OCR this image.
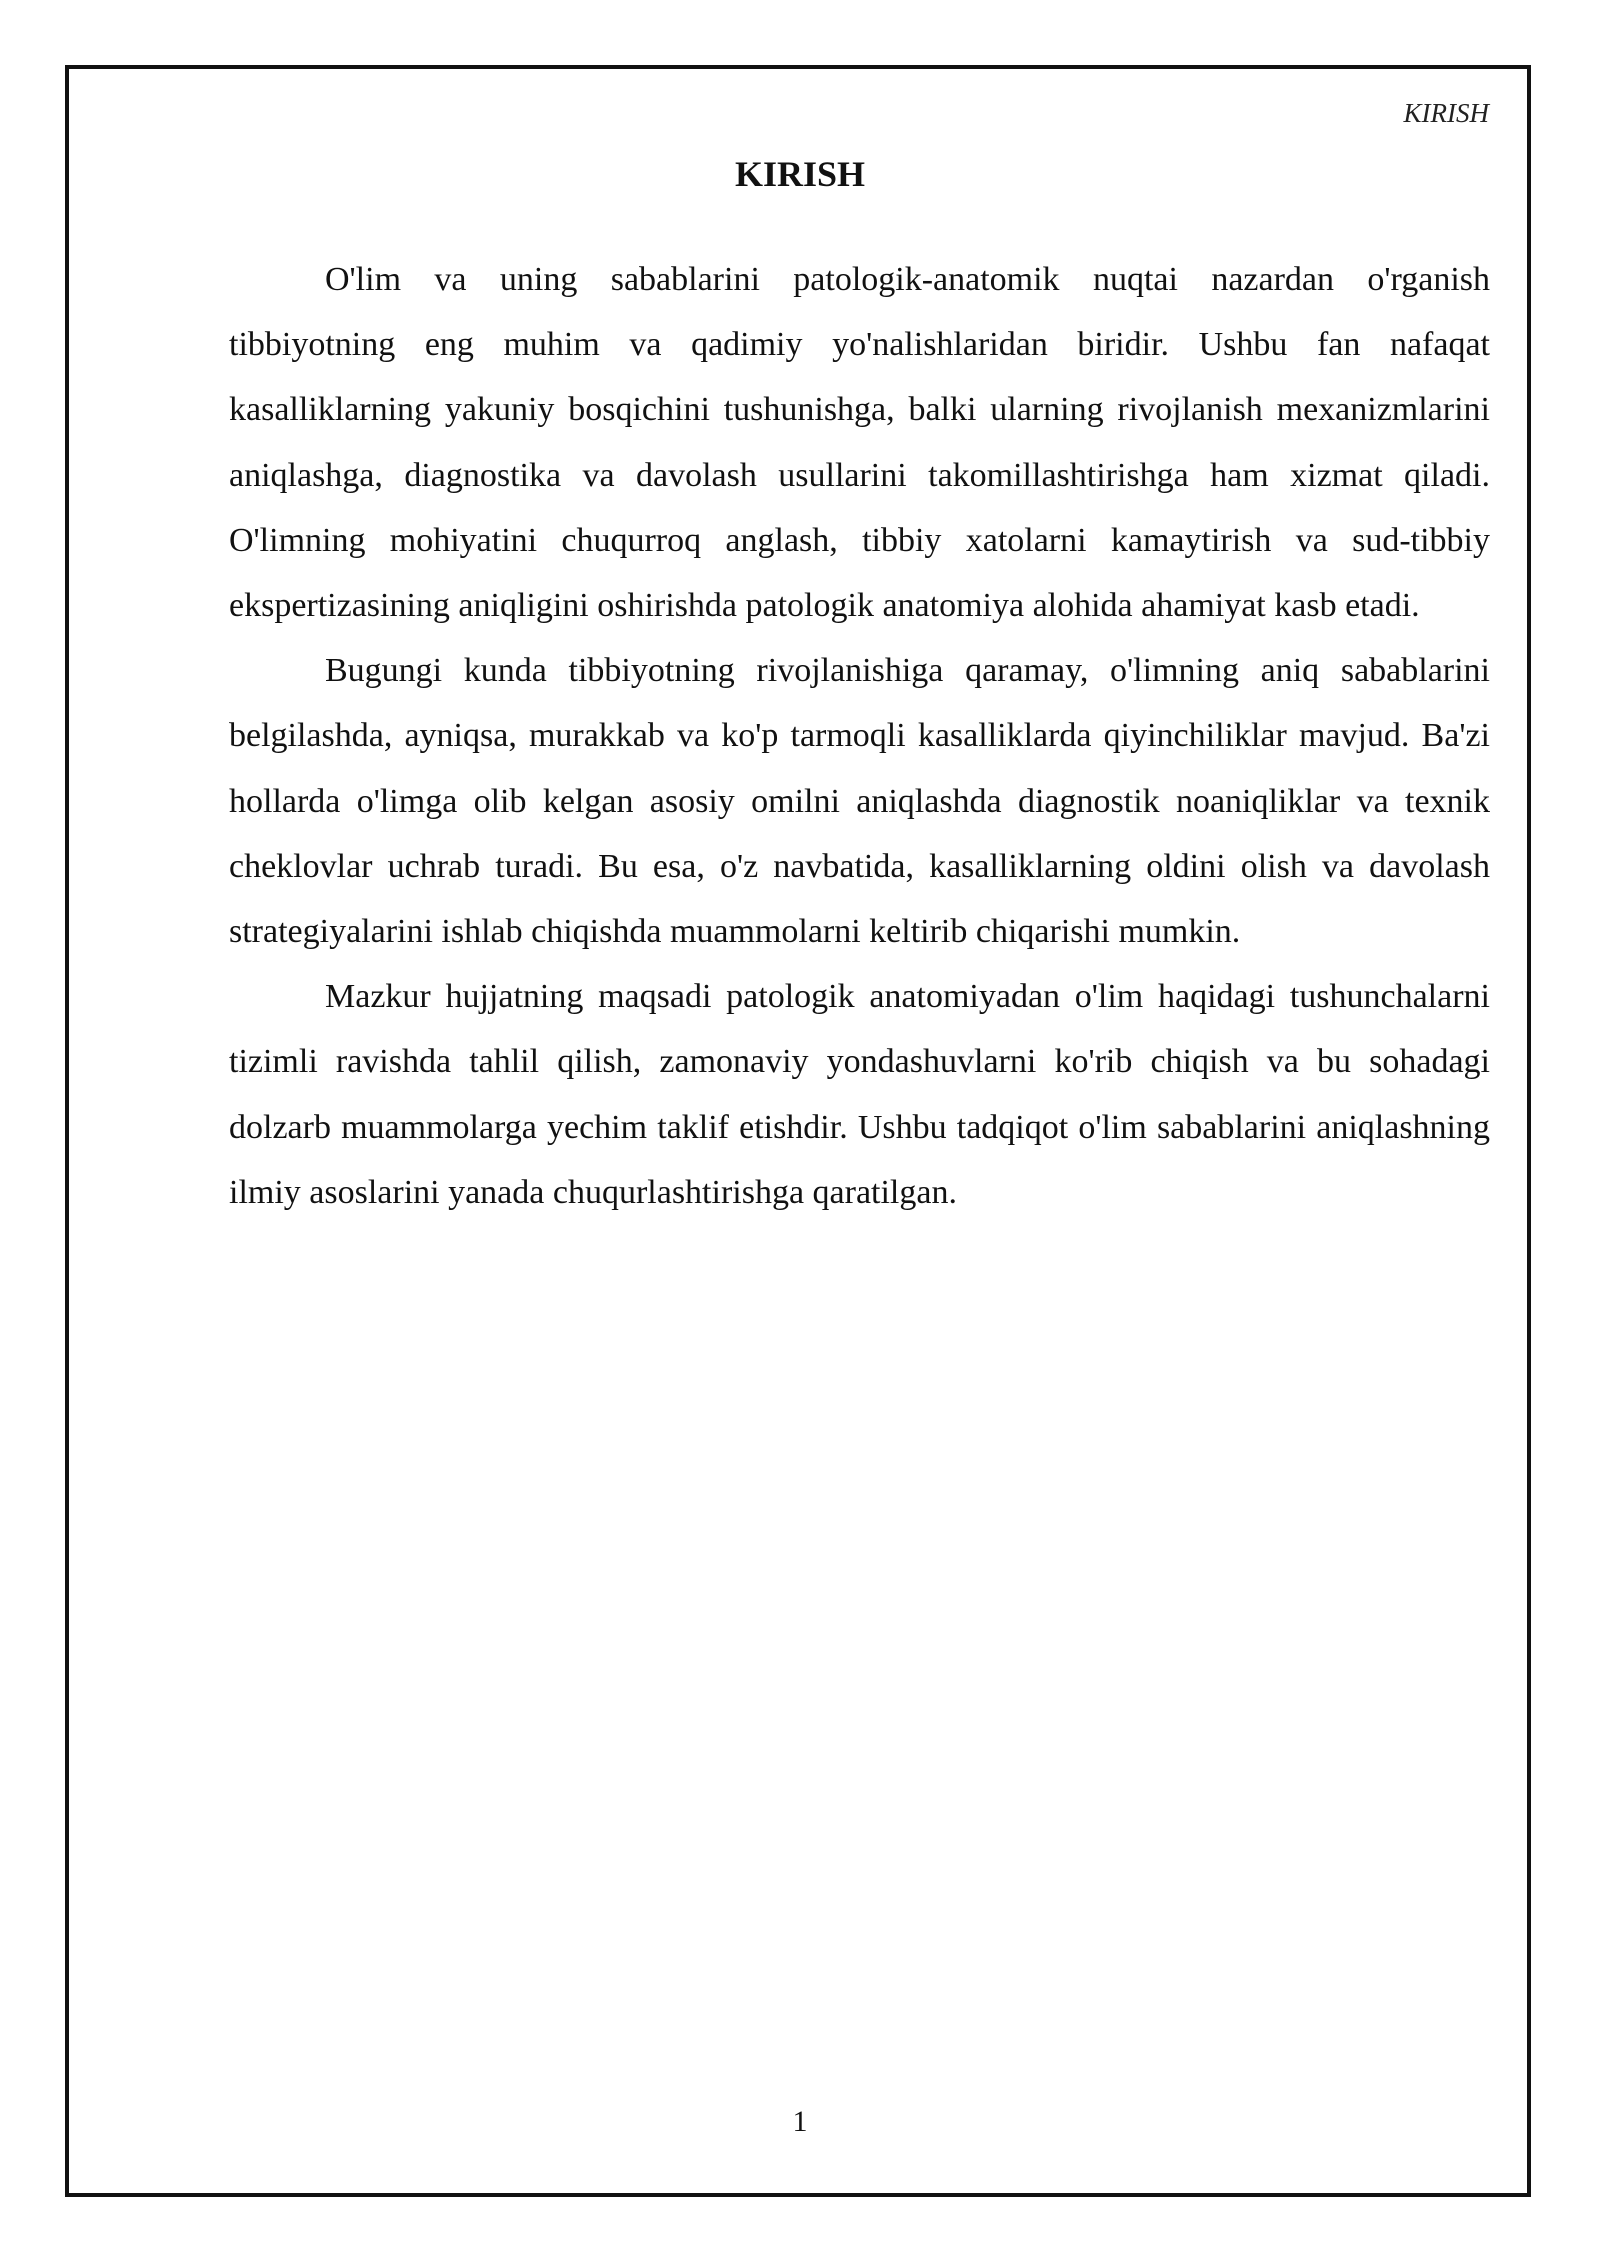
KIRISH

KIRISH

O'lim va uning sabablarini patologik-anatomik nuqtai nazardan o'rganish tibbiyotning eng muhim va qadimiy yo'nalishlaridan biridir. Ushbu fan nafaqat kasalliklarning yakuniy bosqichini tushunishga, balki ularning rivojlanish mexanizmlarini aniqlashga, diagnostika va davolash usullarini takomillashtirishga ham xizmat qiladi. O'limning mohiyatini chuqurroq anglash, tibbiy xatolarni kamaytirish va sud-tibbiy ekspertizasining aniqligini oshirishda patologik anatomiya alohida ahamiyat kasb etadi.

Bugungi kunda tibbiyotning rivojlanishiga qaramay, o'limning aniq sabablarini belgilashda, ayniqsa, murakkab va ko'p tarmoqli kasalliklarda qiyinchiliklar mavjud. Ba'zi hollarda o'limga olib kelgan asosiy omilni aniqlashda diagnostik noaniqliklar va texnik cheklovlar uchrab turadi. Bu esa, o'z navbatida, kasalliklarning oldini olish va davolash strategiyalarini ishlab chiqishda muammolarni keltirib chiqarishi mumkin.

Mazkur hujjatning maqsadi patologik anatomiyadan o'lim haqidagi tushunchalarni tizimli ravishda tahlil qilish, zamonaviy yondashuvlarni ko'rib chiqish va bu sohadagi dolzarb muammolarga yechim taklif etishdir. Ushbu tadqiqot o'lim sabablarini aniqlashning ilmiy asoslarini yanada chuqurlashtirishga qaratilgan.

1
